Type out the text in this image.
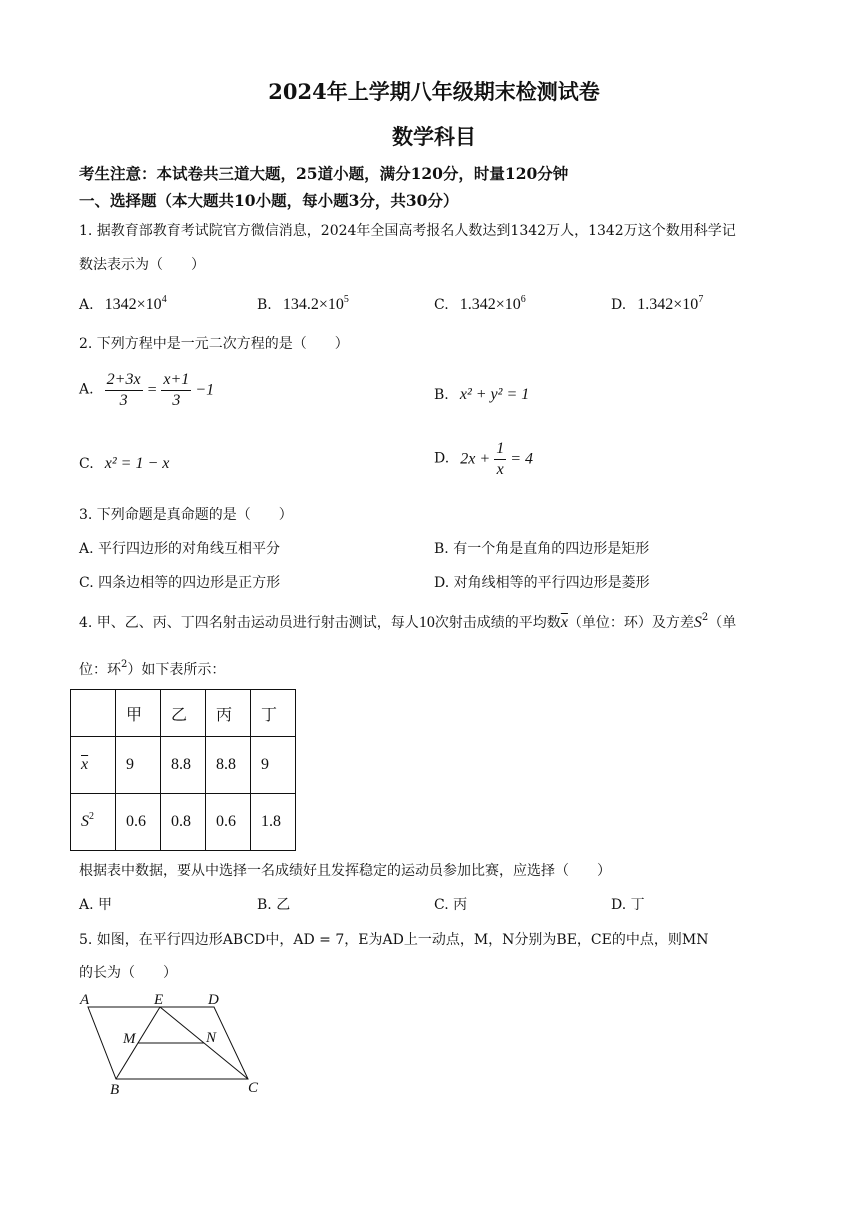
2024年上学期八年级期末检测试卷
数学科目
考生注意：本试卷共三道大题，25道小题，满分120分，时量120分钟
一、选择题（本大题共10小题，每小题3分，共30分）
1. 据教育部教育考试院官方微信消息，2024年全国高考报名人数达到1342万人，1342万这个数用科学记
数法表示为（　　）
A. $1342\times 10^4$	B. $134.2\times 10^5$	C. $1.342\times 10^6$	D. $1.342\times 10^7$
2. 下列方程中是一元二次方程的是（　　）
A. $\frac{2+3x}{3} = \frac{x+1}{3} -1$	B. x² + y² = 1
C. x² = 1 − x	D. $2x + \frac{1}{x} = 4$
3. 下列命题是真命题的是（　　）
A. 平行四边形的对角线互相平分	B. 有一个角是直角的四边形是矩形
C. 四条边相等的四边形是正方形	D. 对角线相等的平行四边形是菱形
4. 甲、乙、丙、丁四名射击运动员进行射击测试，每人10次射击成绩的平均数$\overline{x}$（单位：环）及方差$S^2$（单
位：环$^2$）如下表所示：
	甲	乙	丙	丁
$\overline{x}$	9	8.8	8.8	9
$S^2$	0.6	0.8	0.6	1.8
根据表中数据，要从中选择一名成绩好且发挥稳定的运动员参加比赛，应选择（　　）
A. 甲	B. 乙	C. 丙	D. 丁
5. 如图，在平行四边形ABCD中，AD = 7，E为AD上一动点，M，N分别为BE，CE的中点，则MN
的长为（　　）
A	E	D
M	N
B	C
